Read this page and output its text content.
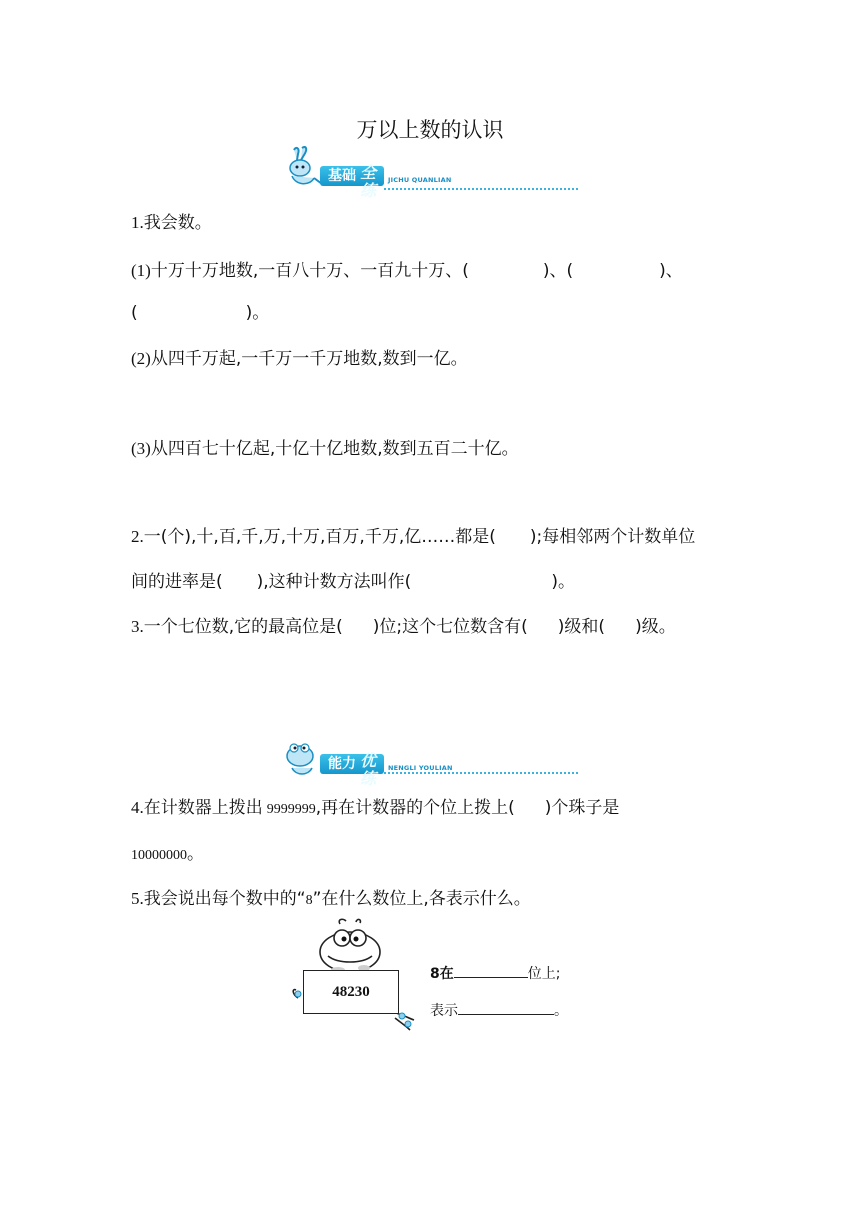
万以上数的认识
基础 全练
JICHU QUANLIAN
1.我会数。
(1)十万十万地数,一百八十万、一百九十万、(	)、(	)、
(	)。
(2)从四千万起,一千万一千万地数,数到一亿。
(3)从四百七十亿起,十亿十亿地数,数到五百二十亿。
2.一(个),十,百,千,万,十万,百万,千万,亿……都是( );每相邻两个计数单位
间的进率是( ),这种计数方法叫作(	)。
3.一个七位数,它的最高位是( )位;这个七位数含有( )级和( )级。
能力 优练
NENGLI YOULIAN
4.在计数器上拨出 9999999,再在计数器的个位上拨上( )个珠子是
10000000。
5.我会说出每个数中的“8”在什么数位上,各表示什么。
48230
8在	位上;
表示	。
